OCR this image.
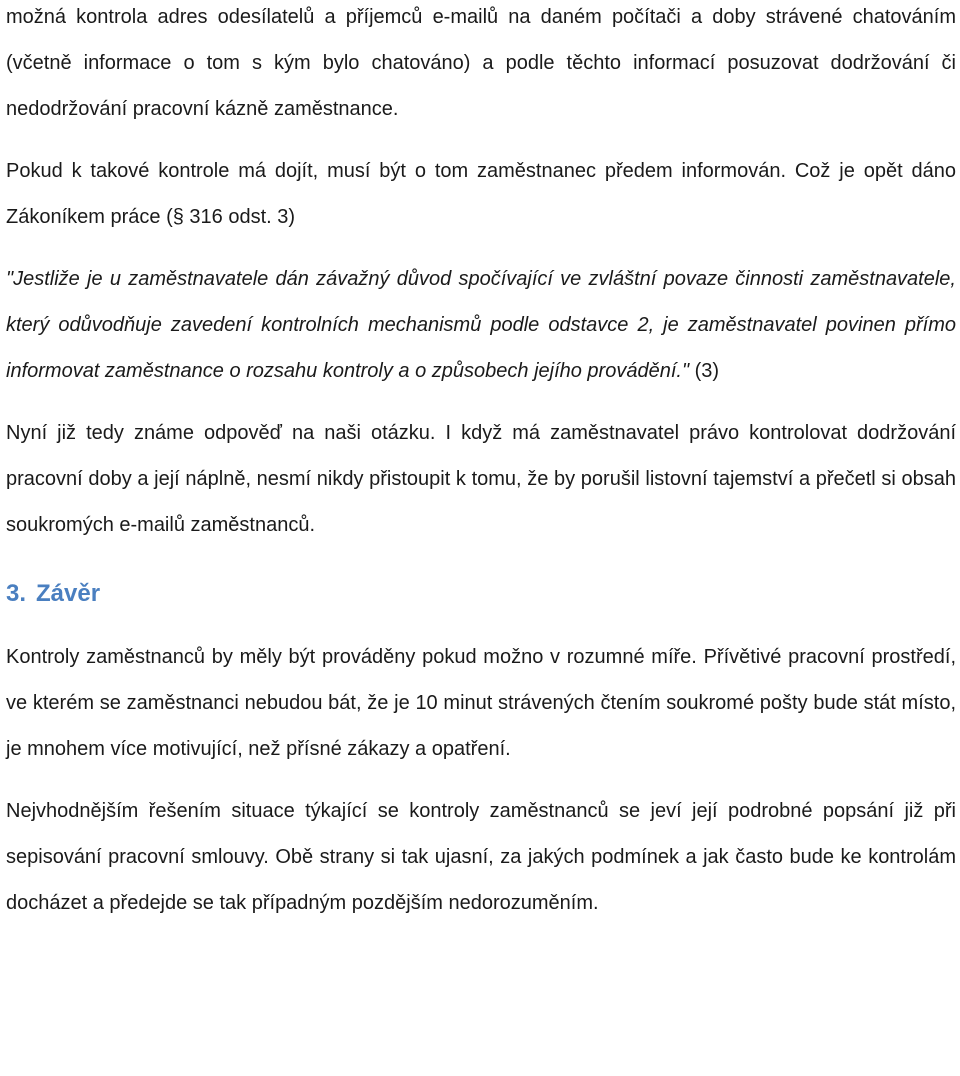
možná kontrola adres odesílatelů a příjemců e-mailů na daném počítači a doby strávené chatováním (včetně informace o tom s kým bylo chatováno) a podle těchto informací posuzovat dodržování či nedodržování pracovní kázně zaměstnance.

Pokud k takové kontrole má dojít, musí být o tom zaměstnanec předem informován. Což je opět dáno Zákoníkem práce (§ 316 odst. 3)

"Jestliže je u zaměstnavatele dán závažný důvod spočívající ve zvláštní povaze činnosti zaměstnavatele, který odůvodňuje zavedení kontrolních mechanismů podle odstavce 2, je zaměstnavatel povinen přímo informovat zaměstnance o rozsahu kontroly a o způsobech jejího provádění." (3)

Nyní již tedy známe odpověď na naši otázku. I když má zaměstnavatel právo kontrolovat dodržování pracovní doby a její náplně, nesmí nikdy přistoupit k tomu, že by porušil listovní tajemství a přečetl si obsah soukromých e-mailů zaměstnanců.

3. Závěr

Kontroly zaměstnanců by měly být prováděny pokud možno v rozumné míře. Přívětivé pracovní prostředí, ve kterém se zaměstnanci nebudou bát, že je 10 minut strávených čtením soukromé pošty bude stát místo, je mnohem více motivující, než přísné zákazy a opatření.

Nejvhodnějším řešením situace týkající se kontroly zaměstnanců se jeví její podrobné popsání již při sepisování pracovní smlouvy. Obě strany si tak ujasní, za jakých podmínek a jak často bude ke kontrolám docházet a předejde se tak případným pozdějším nedorozuměním.
